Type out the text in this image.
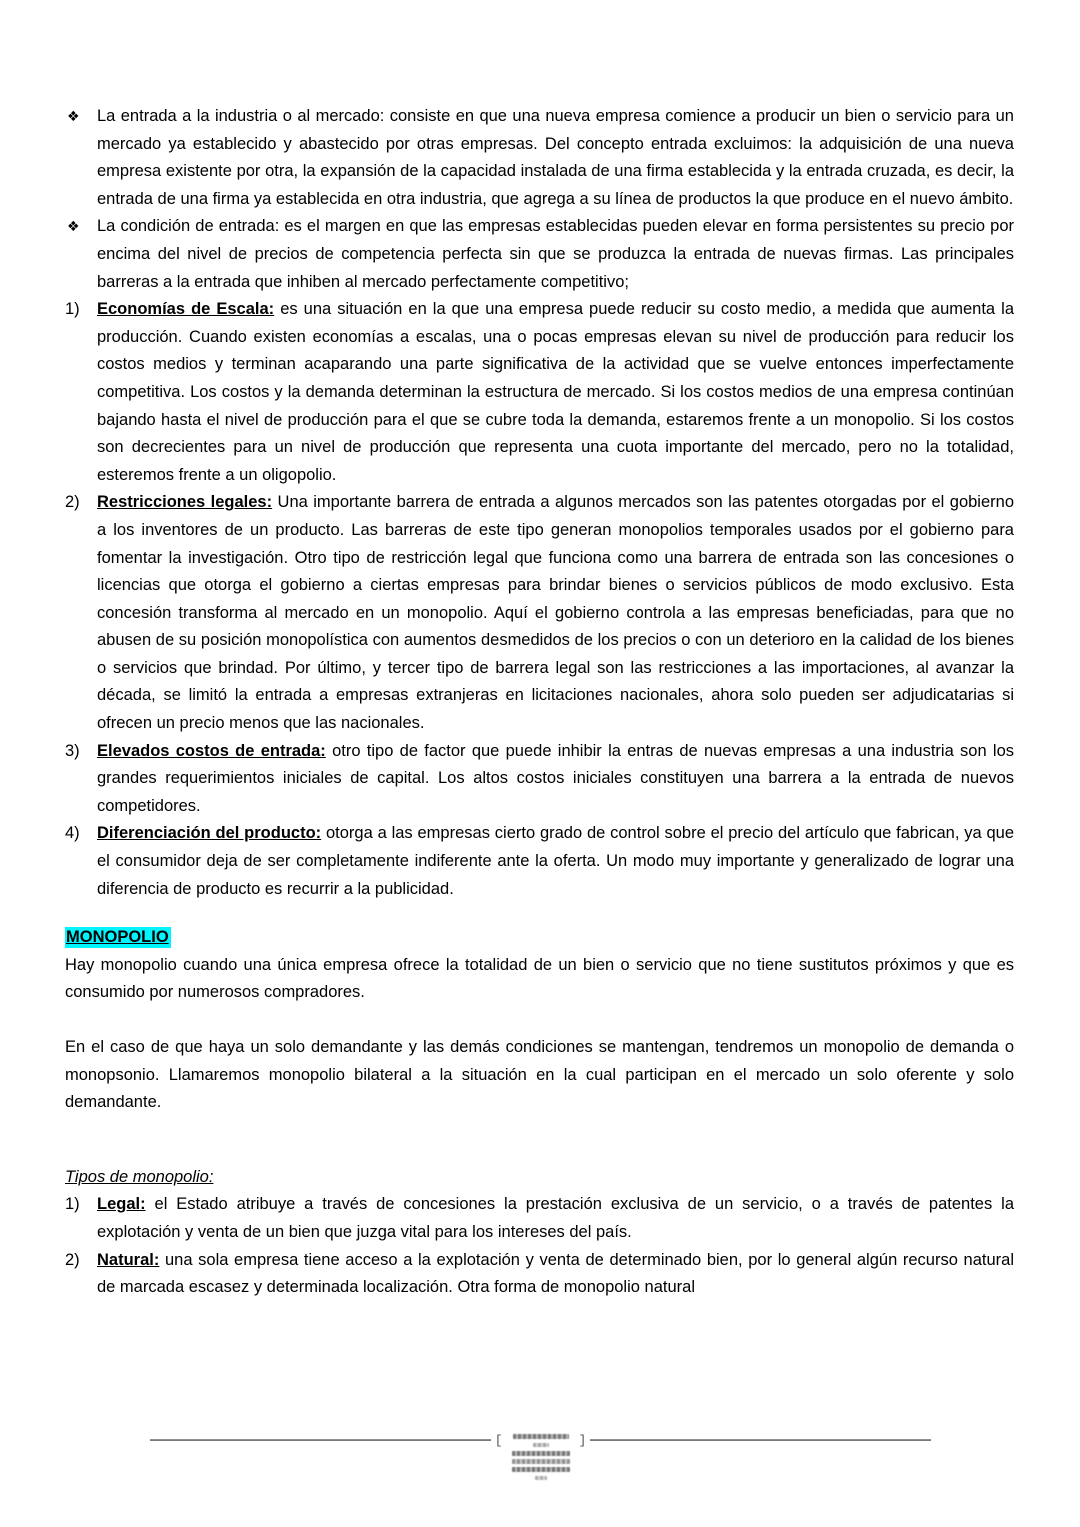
❖	La entrada a la industria o al mercado: consiste en que una nueva empresa comience a producir un bien o servicio para un mercado ya establecido y abastecido por otras empresas. Del concepto entrada excluimos: la adquisición de una nueva empresa existente por otra, la expansión de la capacidad instalada de una firma establecida y la entrada cruzada, es decir, la entrada de una firma ya establecida en otra industria, que agrega a su línea de productos la que produce en el nuevo ámbito.

❖	La condición de entrada: es el margen en que las empresas establecidas pueden elevar en forma persistentes su precio por encima del nivel de precios de competencia perfecta sin que se produzca la entrada de nuevas firmas. Las principales barreras a la entrada que inhiben al mercado perfectamente competitivo;

1)	Economías de Escala: es una situación en la que una empresa puede reducir su costo medio, a medida que aumenta la producción. Cuando existen economías a escalas, una o pocas empresas elevan su nivel de producción para reducir los costos medios y terminan acaparando una parte significativa de la actividad que se vuelve entonces imperfectamente competitiva. Los costos y la demanda determinan la estructura de mercado. Si los costos medios de una empresa continúan bajando hasta el nivel de producción para el que se cubre toda la demanda, estaremos frente a un monopolio. Si los costos son decrecientes para un nivel de producción que representa una cuota importante del mercado, pero no la totalidad, esteremos frente a un oligopolio.

2)	Restricciones legales: Una importante barrera de entrada a algunos mercados son las patentes otorgadas por el gobierno a los inventores de un producto. Las barreras de este tipo generan monopolios temporales usados por el gobierno para fomentar la investigación. Otro tipo de restricción legal que funciona como una barrera de entrada son las concesiones o licencias que otorga el gobierno a ciertas empresas para brindar bienes o servicios públicos de modo exclusivo. Esta concesión transforma al mercado en un monopolio. Aquí el gobierno controla a las empresas beneficiadas, para que no abusen de su posición monopolística con aumentos desmedidos de los precios o con un deterioro en la calidad de los bienes o servicios que brindad. Por último, y tercer tipo de barrera legal son las restricciones a las importaciones, al avanzar la década, se limitó la entrada a empresas extranjeras en licitaciones nacionales, ahora solo pueden ser adjudicatarias si ofrecen un precio menos que las nacionales.

3)	Elevados costos de entrada: otro tipo de factor que puede inhibir la entras de nuevas empresas a una industria son los grandes requerimientos iniciales de capital. Los altos costos iniciales constituyen una barrera a la entrada de nuevos competidores.

4)	Diferenciación del producto: otorga a las empresas cierto grado de control sobre el precio del artículo que fabrican, ya que el consumidor deja de ser completamente indiferente ante la oferta. Un modo muy importante y generalizado de lograr una diferencia de producto es recurrir a la publicidad.

MONOPOLIO

Hay monopolio cuando una única empresa ofrece la totalidad de un bien o servicio que no tiene sustitutos próximos y que es consumido por numerosos compradores.

En el caso de que haya un solo demandante y las demás condiciones se mantengan, tendremos un monopolio de demanda o monopsonio. Llamaremos monopolio bilateral a la situación en la cual participan en el mercado un solo oferente y solo demandante.

Tipos de monopolio:

1)	Legal: el Estado atribuye a través de concesiones la prestación exclusiva de un servicio, o a través de patentes la explotación y venta de un bien que juzga vital para los intereses del país.

2)	Natural: una sola empresa tiene acceso a la explotación y venta de determinado bien, por lo general algún recurso natural de marcada escasez y determinada localización. Otra forma de monopolio natural

[	]
